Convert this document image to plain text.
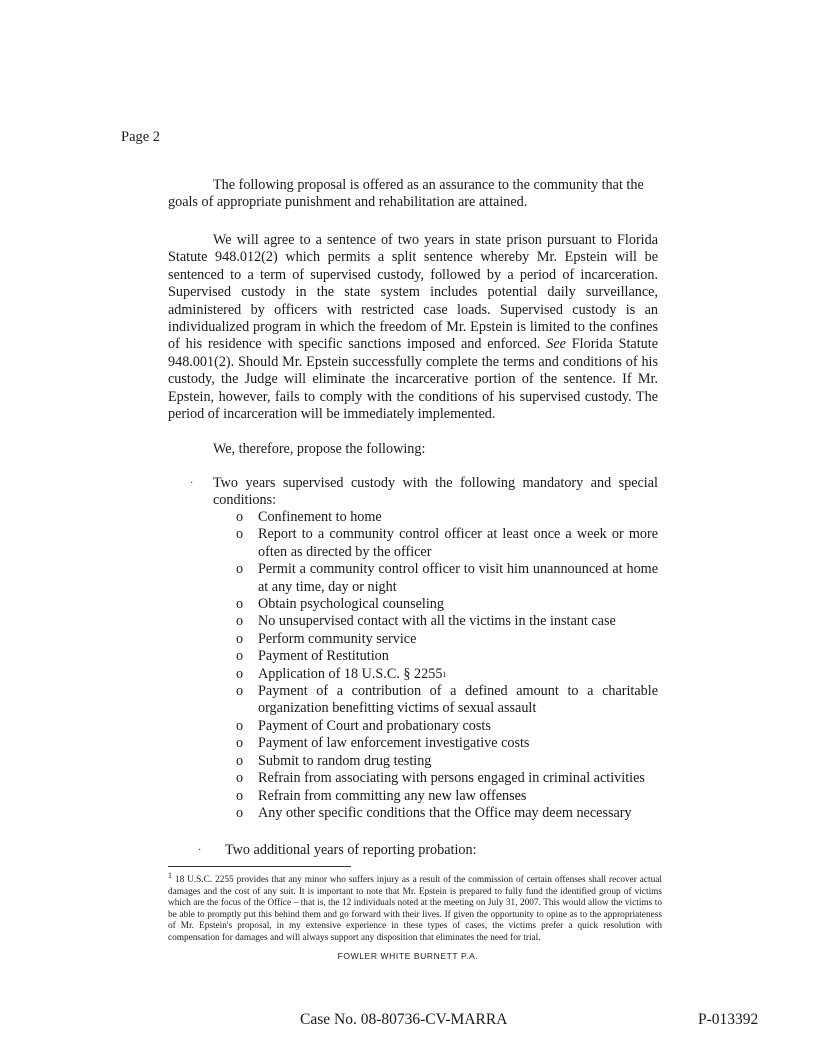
Page 2
The following proposal is offered as an assurance to the community that the
goals of appropriate punishment and rehabilitation are attained.
We will agree to a sentence of two years in state prison pursuant to Florida Statute 948.012(2) which permits a split sentence whereby Mr. Epstein will be sentenced to a term of supervised custody, followed by a period of incarceration. Supervised custody in the state system includes potential daily surveillance, administered by officers with restricted case loads. Supervised custody is an individualized program in which the freedom of Mr. Epstein is limited to the confines of his residence with specific sanctions imposed and enforced. See Florida Statute 948.001(2). Should Mr. Epstein successfully complete the terms and conditions of his custody, the Judge will eliminate the incarcerative portion of the sentence. If Mr. Epstein, however, fails to comply with the conditions of his supervised custody. The period of incarceration will be immediately implemented.
We, therefore, propose the following:
· Two years supervised custody with the following mandatory and special conditions:
o	Confinement to home
o	Report to a community control officer at least once a week or more often as directed by the officer
o	Permit a community control officer to visit him unannounced at home at any time, day or night
o	Obtain psychological counseling
o	No unsupervised contact with all the victims in the instant case
o	Perform community service
o	Payment of Restitution
o	Application of 18 U.S.C. § 2255 1
o	Payment of a contribution of a defined amount to a charitable organization benefitting victims of sexual assault
o	Payment of Court and probationary costs
o	Payment of law enforcement investigative costs
o	Submit to random drug testing
o	Refrain from associating with persons engaged in criminal activities
o	Refrain from committing any new law offenses
o	Any other specific conditions that the Office may deem necessary
· Two additional years of reporting probation:
$^1$ 18 U.S.C. 2255 provides that any minor who suffers injury as a result of the commission of certain offenses shall recover actual damages and the cost of any suit. It is important to note that Mr. Epstein is prepared to fully fund the identified group of victims which are the focus of the Office – that is, the 12 individuals noted at the meeting on July 31, 2007. This would allow the victims to be able to promptly put this behind them and go forward with their lives. If given the opportunity to opine as to the appropriateness of Mr. Epstein's proposal, in my extensive experience in these types of cases, the victims prefer a quick resolution with compensation for damages and will always support any disposition that eliminates the need for trial.
FOWLER WHITE BURNETT P.A.
Case No. 08-80736-CV-MARRA	P-013392
